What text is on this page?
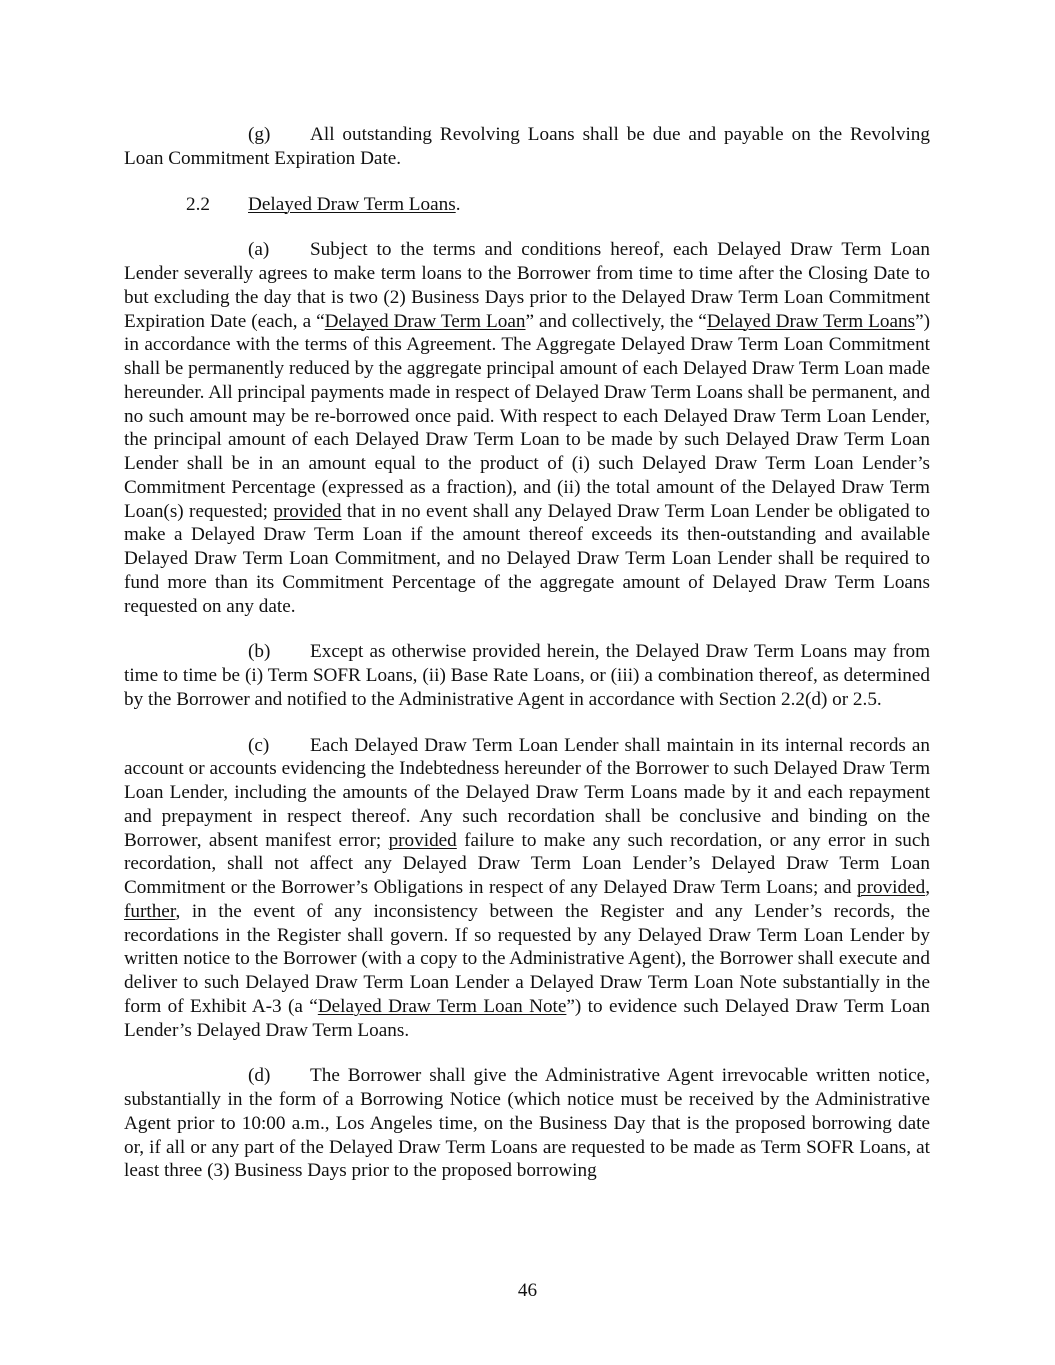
(g) All outstanding Revolving Loans shall be due and payable on the Revolving Loan Commitment Expiration Date.

2.2 Delayed Draw Term Loans.

(a) Subject to the terms and conditions hereof, each Delayed Draw Term Loan Lender severally agrees to make term loans to the Borrower from time to time after the Closing Date to but excluding the day that is two (2) Business Days prior to the Delayed Draw Term Loan Commitment Expiration Date (each, a “Delayed Draw Term Loan” and collectively, the “Delayed Draw Term Loans”) in accordance with the terms of this Agreement. The Aggregate Delayed Draw Term Loan Commitment shall be permanently reduced by the aggregate principal amount of each Delayed Draw Term Loan made hereunder. All principal payments made in respect of Delayed Draw Term Loans shall be permanent, and no such amount may be re-borrowed once paid. With respect to each Delayed Draw Term Loan Lender, the principal amount of each Delayed Draw Term Loan to be made by such Delayed Draw Term Loan Lender shall be in an amount equal to the product of (i) such Delayed Draw Term Loan Lender’s Commitment Percentage (expressed as a fraction), and (ii) the total amount of the Delayed Draw Term Loan(s) requested; provided that in no event shall any Delayed Draw Term Loan Lender be obligated to make a Delayed Draw Term Loan if the amount thereof exceeds its then-outstanding and available Delayed Draw Term Loan Commitment, and no Delayed Draw Term Loan Lender shall be required to fund more than its Commitment Percentage of the aggregate amount of Delayed Draw Term Loans requested on any date.

(b) Except as otherwise provided herein, the Delayed Draw Term Loans may from time to time be (i) Term SOFR Loans, (ii) Base Rate Loans, or (iii) a combination thereof, as determined by the Borrower and notified to the Administrative Agent in accordance with Section 2.2(d) or 2.5.

(c) Each Delayed Draw Term Loan Lender shall maintain in its internal records an account or accounts evidencing the Indebtedness hereunder of the Borrower to such Delayed Draw Term Loan Lender, including the amounts of the Delayed Draw Term Loans made by it and each repayment and prepayment in respect thereof. Any such recordation shall be conclusive and binding on the Borrower, absent manifest error; provided failure to make any such recordation, or any error in such recordation, shall not affect any Delayed Draw Term Loan Lender’s Delayed Draw Term Loan Commitment or the Borrower’s Obligations in respect of any Delayed Draw Term Loans; and provided, further, in the event of any inconsistency between the Register and any Lender’s records, the recordations in the Register shall govern. If so requested by any Delayed Draw Term Loan Lender by written notice to the Borrower (with a copy to the Administrative Agent), the Borrower shall execute and deliver to such Delayed Draw Term Loan Lender a Delayed Draw Term Loan Note substantially in the form of Exhibit A-3 (a “Delayed Draw Term Loan Note”) to evidence such Delayed Draw Term Loan Lender’s Delayed Draw Term Loans.

(d) The Borrower shall give the Administrative Agent irrevocable written notice, substantially in the form of a Borrowing Notice (which notice must be received by the Administrative Agent prior to 10:00 a.m., Los Angeles time, on the Business Day that is the proposed borrowing date or, if all or any part of the Delayed Draw Term Loans are requested to be made as Term SOFR Loans, at least three (3) Business Days prior to the proposed borrowing

46
